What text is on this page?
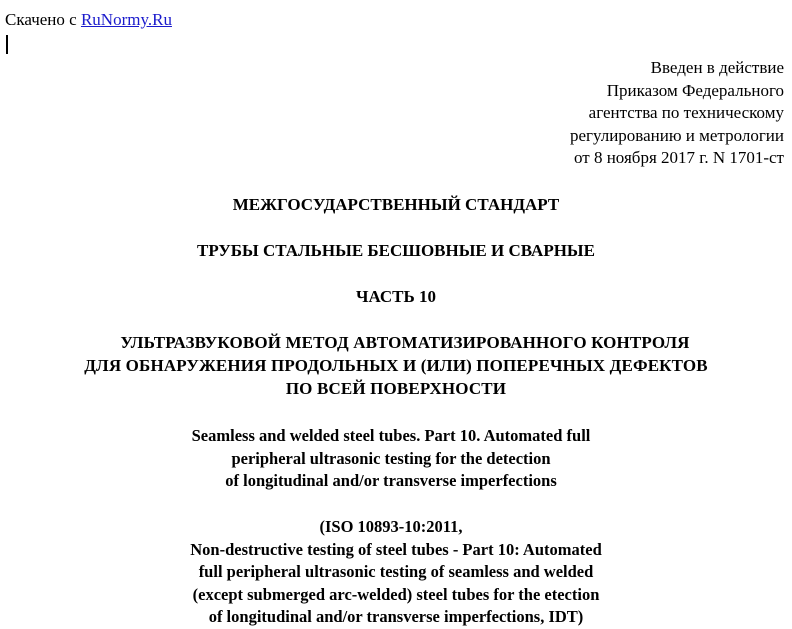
Скачено с RuNormy.Ru
Введен в действие
Приказом Федерального
агентства по техническому
регулированию и метрологии
от 8 ноября 2017 г. N 1701-ст
МЕЖГОСУДАРСТВЕННЫЙ СТАНДАРТ
ТРУБЫ СТАЛЬНЫЕ БЕСШОВНЫЕ И СВАРНЫЕ
ЧАСТЬ 10
УЛЬТРАЗВУКОВОЙ МЕТОД АВТОМАТИЗИРОВАННОГО КОНТРОЛЯ
ДЛЯ ОБНАРУЖЕНИЯ ПРОДОЛЬНЫХ И (ИЛИ) ПОПЕРЕЧНЫХ ДЕФЕКТОВ
ПО ВСЕЙ ПОВЕРХНОСТИ
Seamless and welded steel tubes. Part 10. Automated full
peripheral ultrasonic testing for the detection
of longitudinal and/or transverse imperfections
(ISO 10893-10:2011,
Non-destructive testing of steel tubes - Part 10: Automated
full peripheral ultrasonic testing of seamless and welded
(except submerged arc-welded) steel tubes for the etection
of longitudinal and/or transverse imperfections, IDT)
